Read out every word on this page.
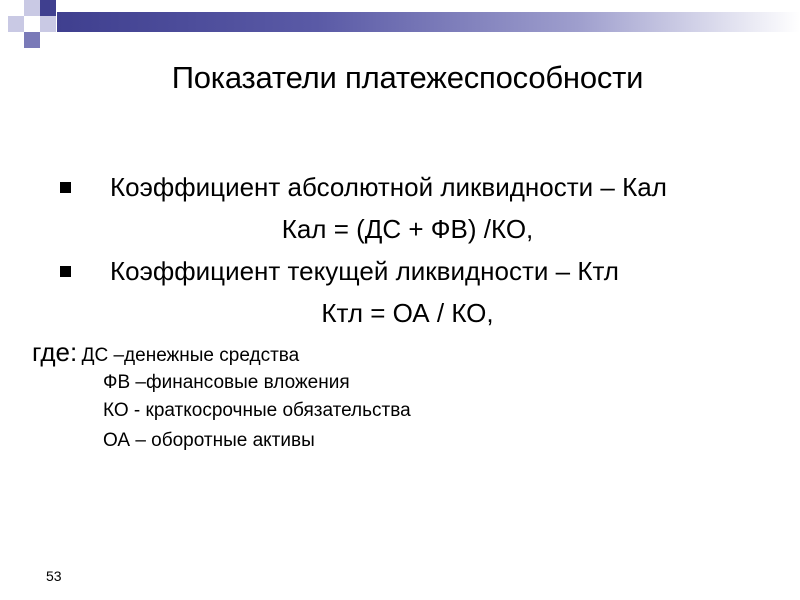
Показатели платежеспособности
Коэффициент абсолютной ликвидности – Кал
Кал = (ДС + ФВ) /КО,
Коэффициент текущей ликвидности – Ктл
Ктл = ОА / КО,
где: ДС –денежные средства
ФВ –финансовые вложения
КО - краткосрочные обязательства
ОА – оборотные активы
53
